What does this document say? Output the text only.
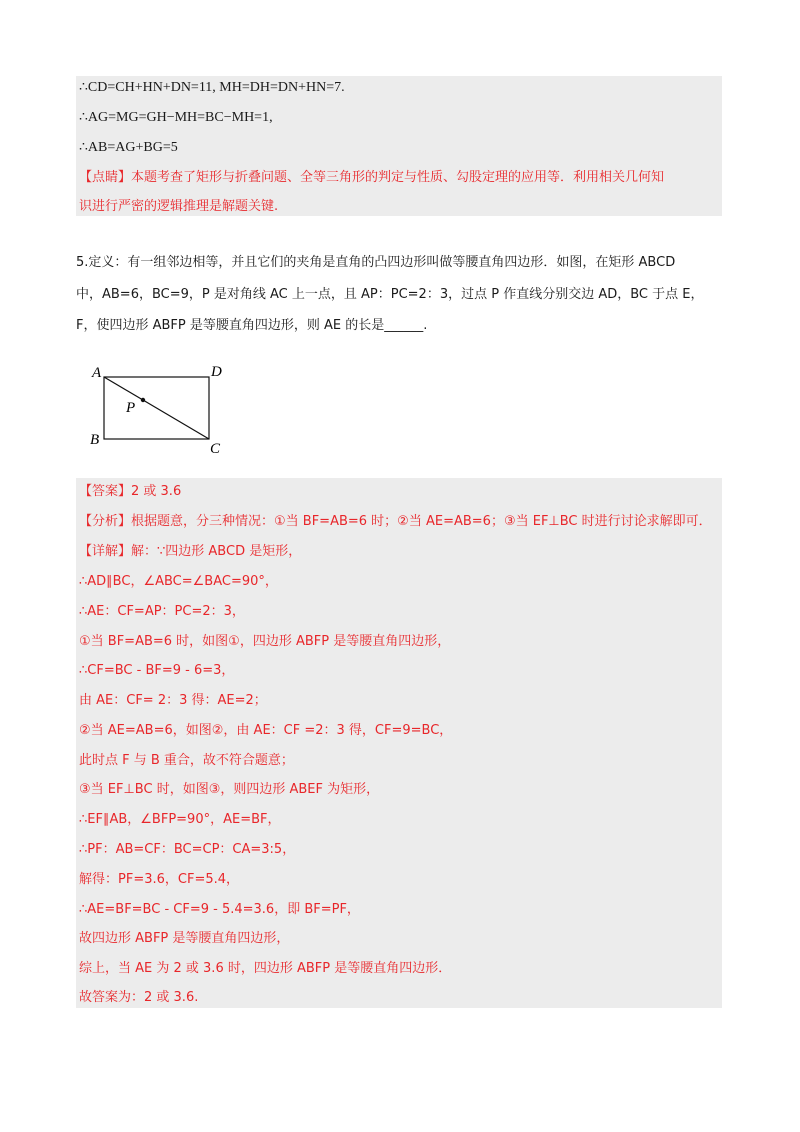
∴CD=CH+HN+DN=11, MH=DH=DN+HN=7.
∴AG=MG=GH−MH=BC−MH=1,
∴AB=AG+BG=5
【点睛】本题考查了矩形与折叠问题、全等三角形的判定与性质、勾股定理的应用等．利用相关几何知
识进行严密的逻辑推理是解题关键.
5.定义：有一组邻边相等，并且它们的夹角是直角的凸四边形叫做等腰直角四边形．如图，在矩形 ABCD
中，AB=6，BC=9，P 是对角线 AC 上一点，且 AP：PC=2：3，过点 P 作直线分别交边 AD，BC 于点 E，
F，使四边形 ABFP 是等腰直角四边形，则 AE 的长是______.
A	D
P
B
C
【答案】2 或 3.6
【分析】根据题意，分三种情况：①当 BF=AB=6 时；②当 AE=AB=6；③当 EF⊥BC 时进行讨论求解即可．
【详解】解：∵四边形 ABCD 是矩形，
∴AD∥BC，∠ABC=∠BAC=90°，
∴AE：CF=AP：PC=2：3，
①当 BF=AB=6 时，如图①，四边形 ABFP 是等腰直角四边形，
∴CF=BC - BF=9 - 6=3，
由 AE：CF= 2：3 得：AE=2；
②当 AE=AB=6，如图②，由 AE：CF =2：3 得，CF=9=BC，
此时点 F 与 B 重合，故不符合题意；
③当 EF⊥BC 时，如图③，则四边形 ABEF 为矩形，
∴EF∥AB，∠BFP=90°，AE=BF，
∴PF：AB=CF：BC=CP：CA=3:5，
解得：PF=3.6，CF=5.4，
∴AE=BF=BC - CF=9 - 5.4=3.6，即 BF=PF，
故四边形 ABFP 是等腰直角四边形，
综上，当 AE 为 2 或 3.6 时，四边形 ABFP 是等腰直角四边形．
故答案为：2 或 3.6.
